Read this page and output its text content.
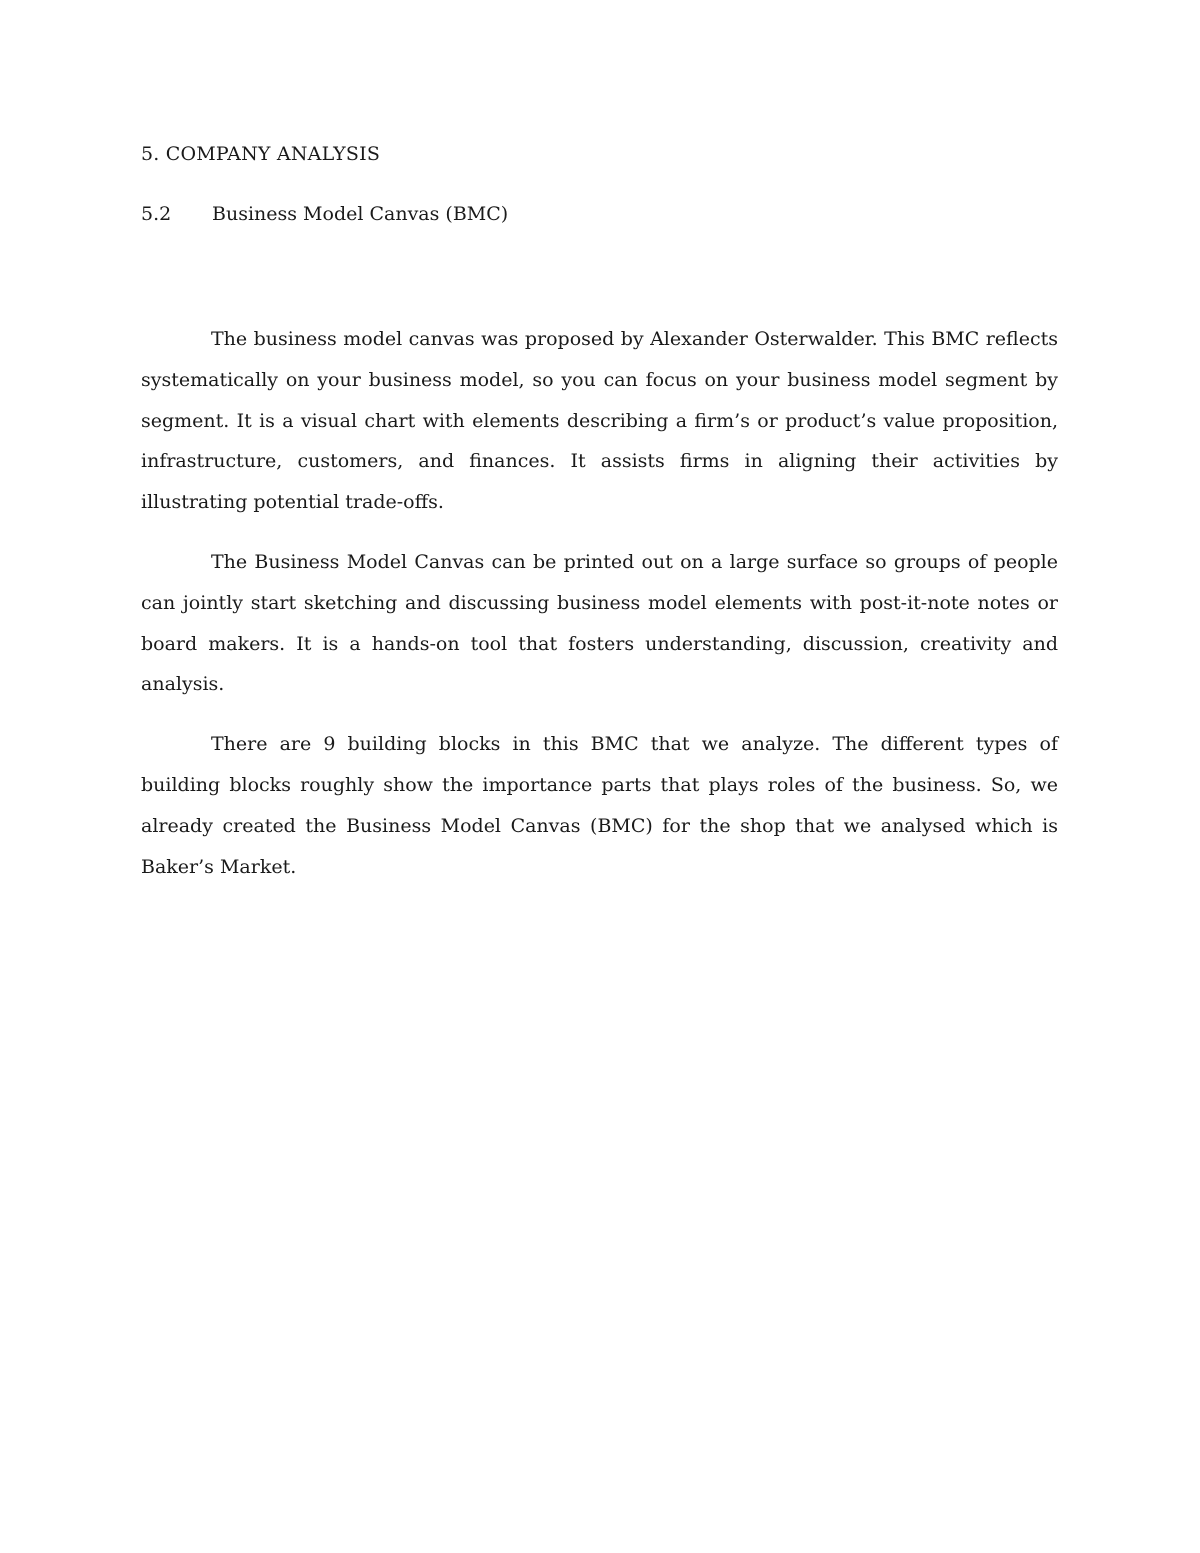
5. COMPANY ANALYSIS
5.2 Business Model Canvas (BMC)

The business model canvas was proposed by Alexander Osterwalder. This BMC reflects systematically on your business model, so you can focus on your business model segment by segment. It is a visual chart with elements describing a firm’s or product’s value proposition, infrastructure, customers, and finances. It assists firms in aligning their activities by illustrating potential trade-offs.

The Business Model Canvas can be printed out on a large surface so groups of people can jointly start sketching and discussing business model elements with post-it-note notes or board makers. It is a hands-on tool that fosters understanding, discussion, creativity and analysis.

There are 9 building blocks in this BMC that we analyze. The different types of building blocks roughly show the importance parts that plays roles of the business. So, we already created the Business Model Canvas (BMC) for the shop that we analysed which is Baker’s Market.
